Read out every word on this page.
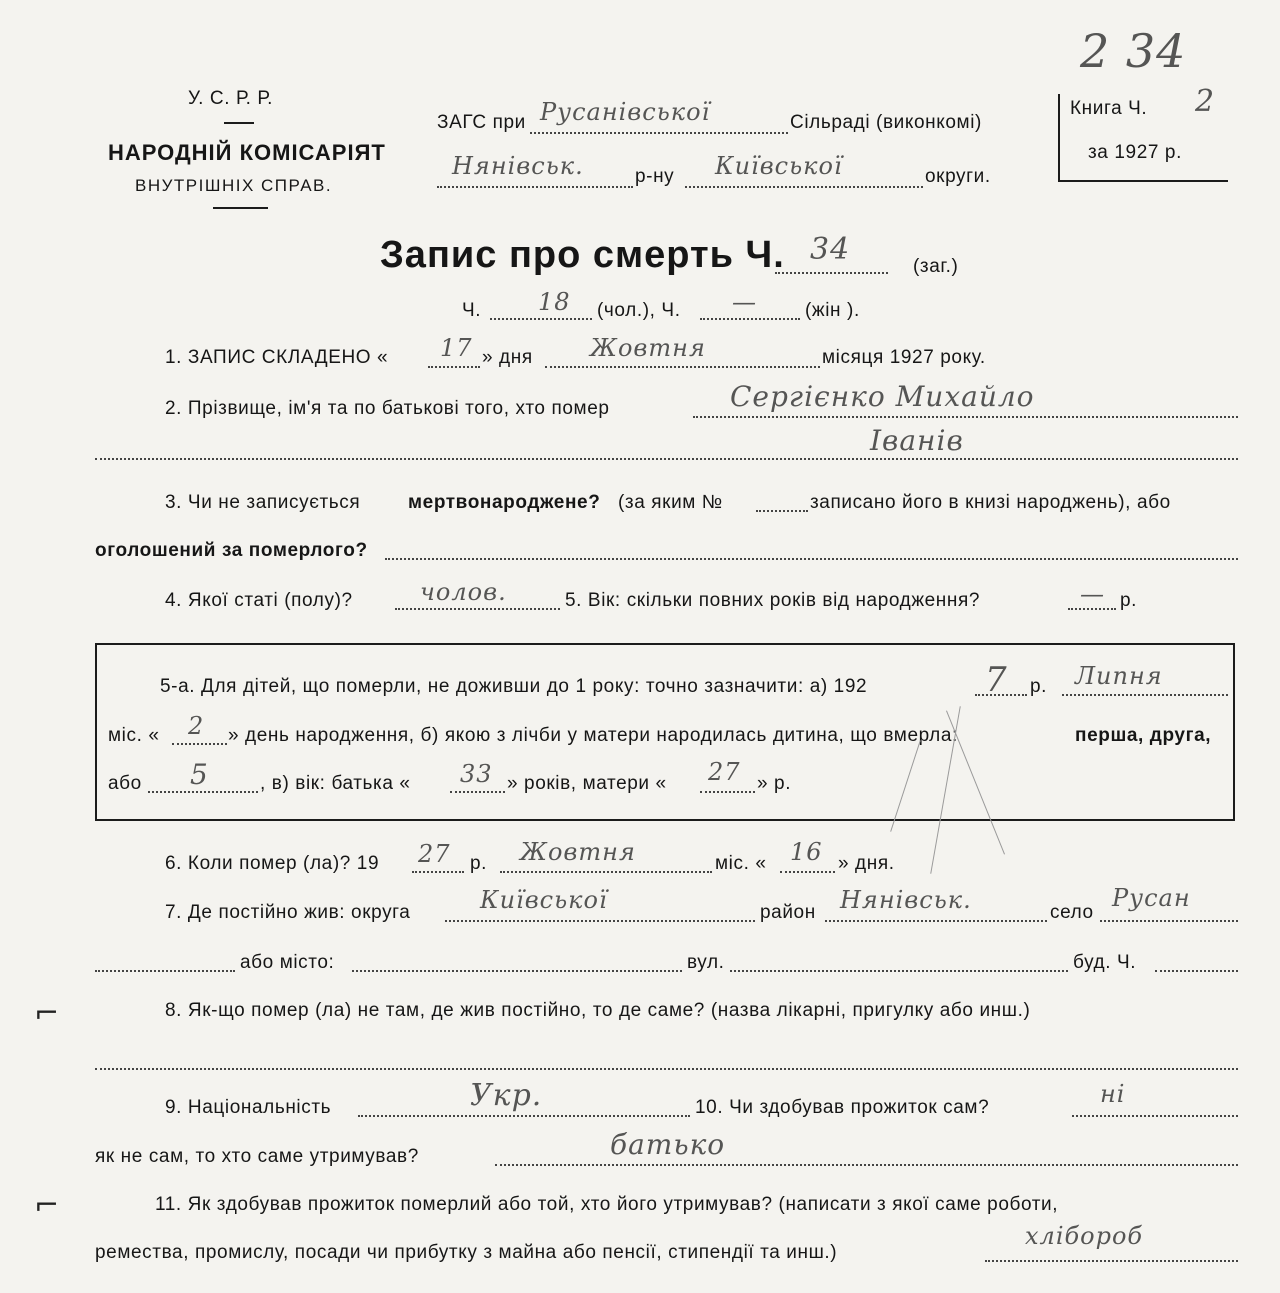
У. С. Р. Р.
НАРОДНІЙ КОМІСАРІЯТ
ВНУТРІШНІХ СПРАВ.
ЗАГС при Русанівської	Сільраді (виконкомі)
Нянівськ.	р-ну Київської	округи.
Книга Ч. 2
за 1927 р.
2 34
Запис про смерть Ч. 34	(заг.)
Ч. 18 (чол.), Ч. —	(жін ).
1. ЗАПИС СКЛАДЕНО « 17 » дня Жовтня	місяця 1927 року.
2. Прізвище, ім'я та по батькові того, хто помер	Сергієнко Михайло
Іванів
3. Чи не записується	мертвонароджене? (за яким №	записано його в книзі народжень), або
оголошений за померлого?
4. Якої статі (полу)?	чолов.	5. Вік: скільки повних років від народження?	— р.
5-а. Для дітей, що померли, не доживши до 1 року: точно зазначити: а) 192	7 р. Липня
міс. « 2 » день народження, б) якою з лічби у матери народилась дитина, що вмерла:	перша, друга,
або 5	, в) вік: батька « 33 » років, матери « 27 » р.
6. Коли помер (ла)? 19 27 р. Жовтня	міс. « 16 » дня.
7. Де постійно жив: округа	Київської	район Нянівськ.	село
Русан
або місто:	вул.	буд. Ч.
8. Як-що помер (ла) не там, де жив постійно, то де саме? (назва лікарні, пригулку або инш.)
9. Національність	Укр.	10. Чи здобував прожиток сам?	ні
як не сам, то хто саме утримував?	батько
11. Як здобував прожиток померлий або той, хто його утримував? (написати з якої саме роботи,
ремества, промислу, посади чи прибутку з майна або пенсії, стипендії та инш.)
хлібороб
⌐
⌐
